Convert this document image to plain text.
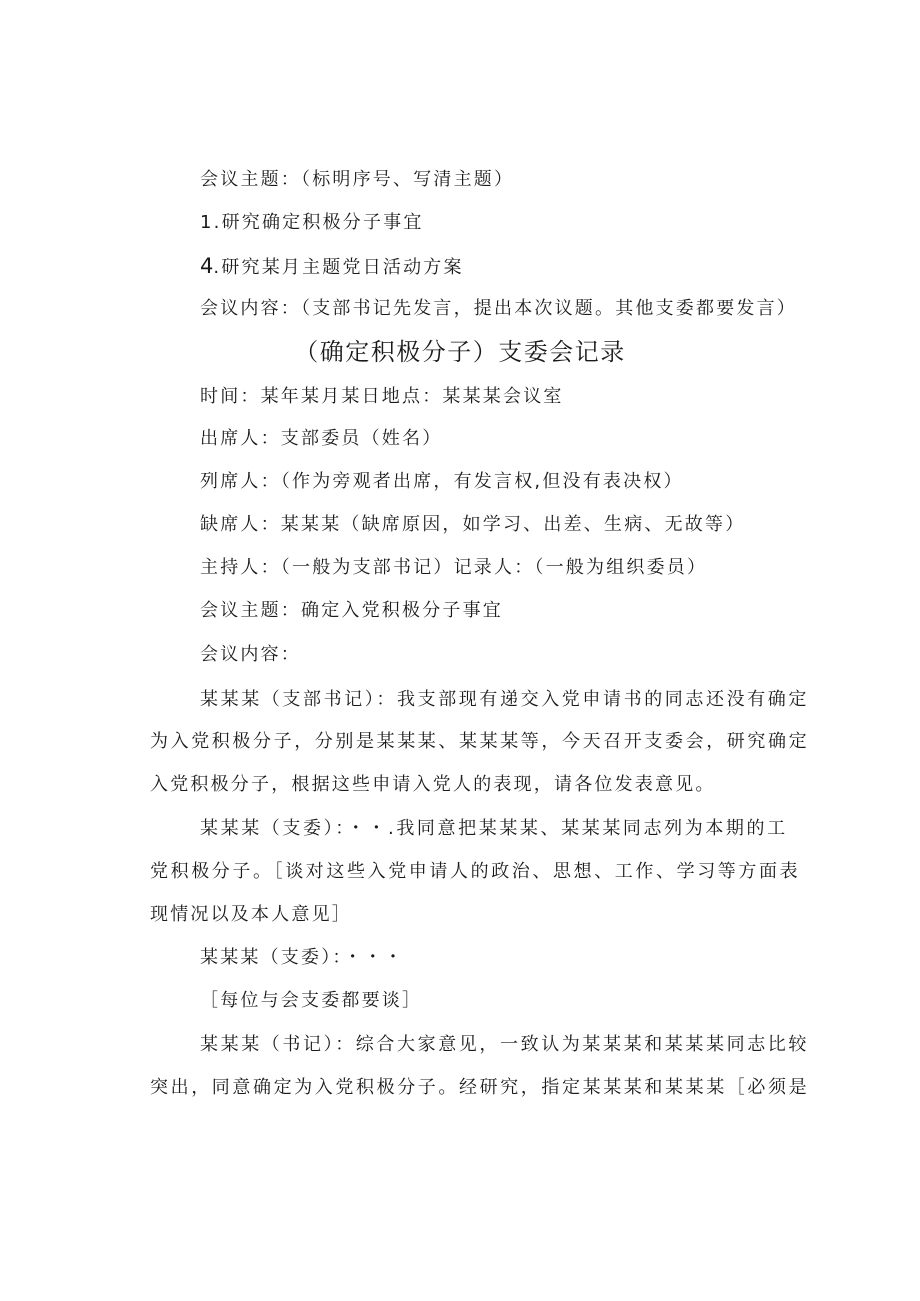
会议主题：（标明序号、写清主题）
1.研究确定积极分子事宜
4.研究某月主题党日活动方案
会议内容：（支部书记先发言，提出本次议题。其他支委都要发言）
（确定积极分子）支委会记录
时间：某年某月某日地点：某某某会议室
出席人：支部委员（姓名）
列席人：（作为旁观者出席，有发言权,但没有表决权）
缺席人：某某某（缺席原因，如学习、出差、生病、无故等）
主持人：（一般为支部书记）记录人：（一般为组织委员）
会议主题：确定入党积极分子事宜
会议内容：
某某某（支部书记）：我支部现有递交入党申请书的同志还没有确定
为入党积极分子，分别是某某某、某某某等，今天召开支委会，研究确定
入党积极分子，根据这些申请入党人的表现，请各位发表意见。
某某某（支委）：・・.我同意把某某某、某某某同志列为本期的工
党积极分子。［谈对这些入党申请人的政治、思想、工作、学习等方面表
现情况以及本人意见］
某某某（支委）：・・・
［每位与会支委都要谈］
某某某（书记）：综合大家意见，一致认为某某某和某某某同志比较
突出，同意确定为入党积极分子。经研究，指定某某某和某某某［必须是
